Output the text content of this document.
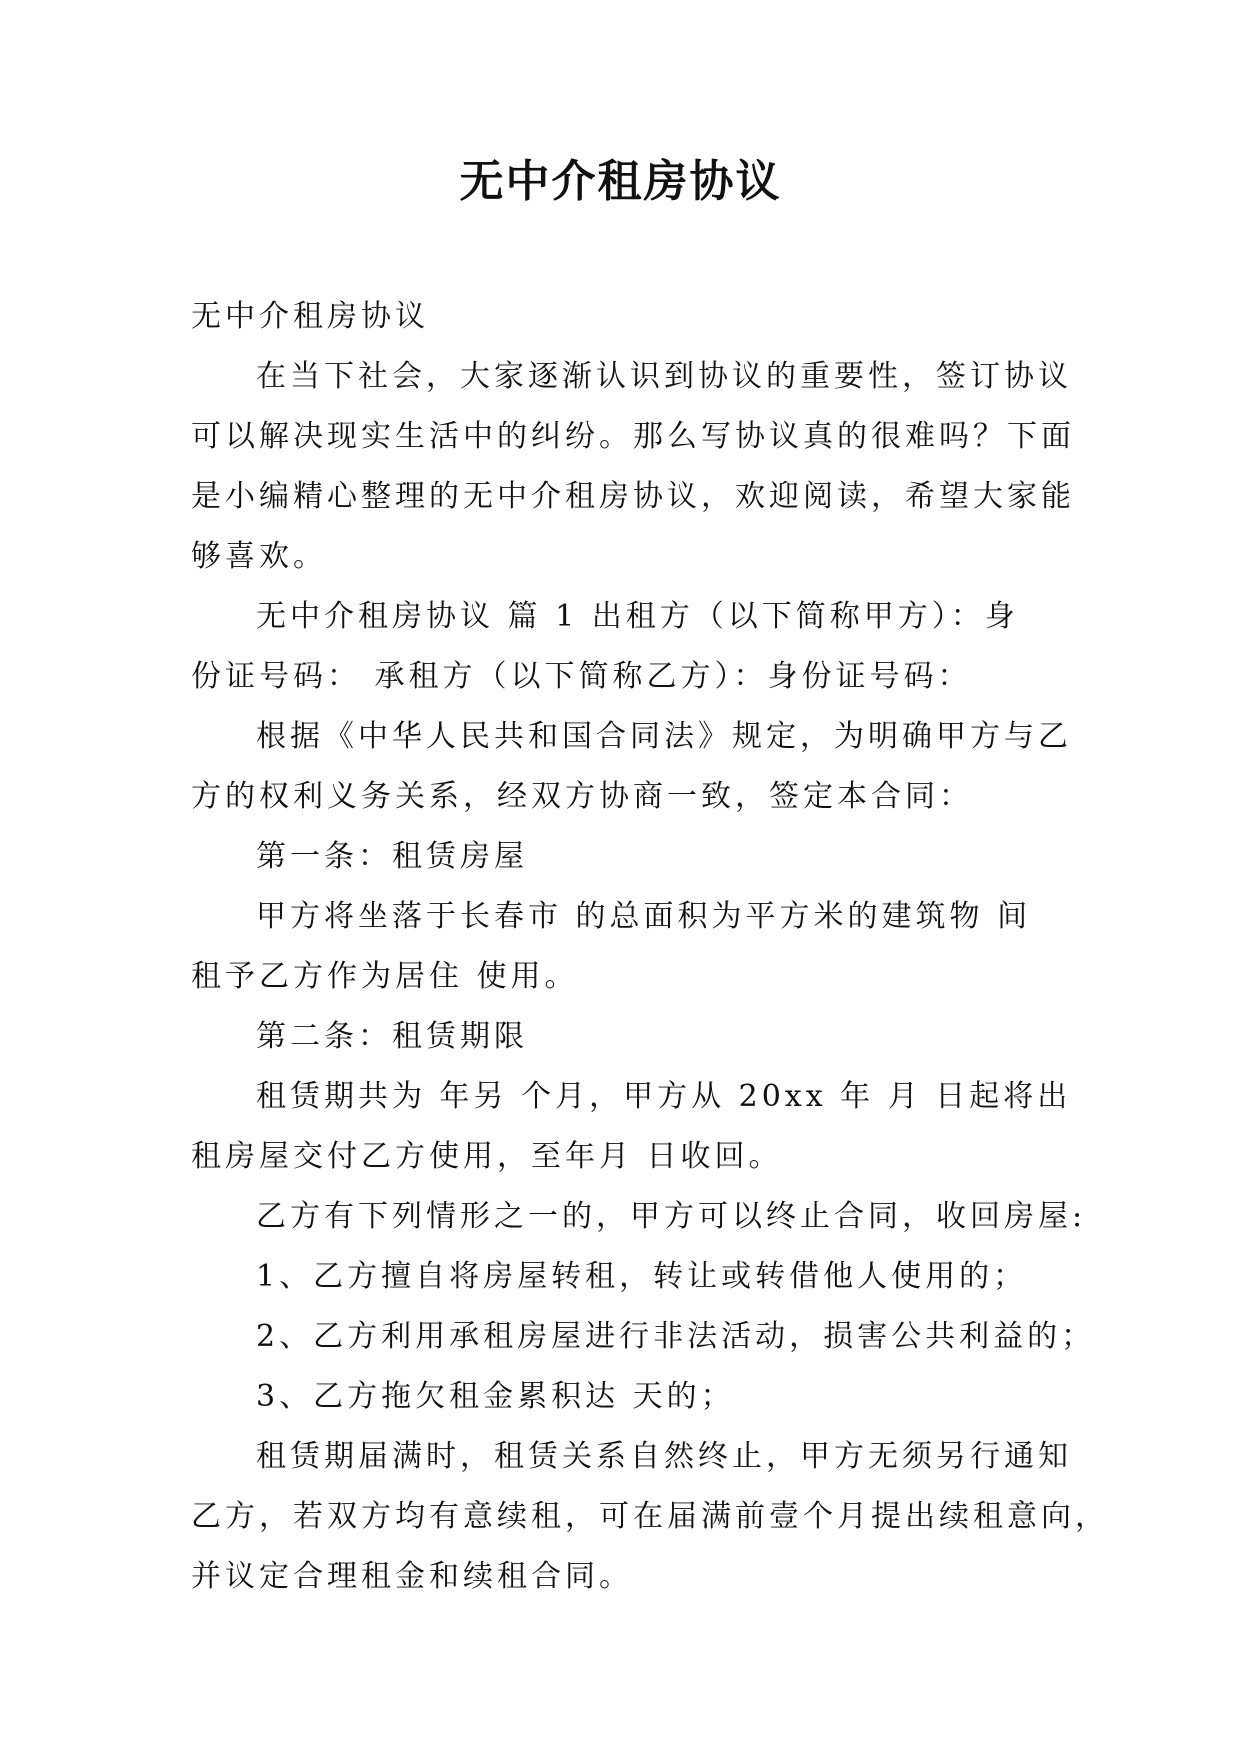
无中介租房协议

无中介租房协议

在当下社会，大家逐渐认识到协议的重要性，签订协议

可以解决现实生活中的纠纷。那么写协议真的很难吗？下面

是小编精心整理的无中介租房协议，欢迎阅读，希望大家能

够喜欢。

无中介租房协议 篇 1 出租方（以下简称甲方）：身

份证号码： 承租方（以下简称乙方）：身份证号码：

根据《中华人民共和国合同法》规定，为明确甲方与乙

方的权利义务关系，经双方协商一致，签定本合同：

第一条：租赁房屋

甲方将坐落于长春市 的总面积为平方米的建筑物 间

租予乙方作为居住 使用。

第二条：租赁期限

租赁期共为 年另 个月，甲方从 20xx 年 月 日起将出

租房屋交付乙方使用，至年月 日收回。

乙方有下列情形之一的，甲方可以终止合同，收回房屋:

1、乙方擅自将房屋转租，转让或转借他人使用的；

2、乙方利用承租房屋进行非法活动，损害公共利益的；

3、乙方拖欠租金累积达 天的；

租赁期届满时，租赁关系自然终止，甲方无须另行通知

乙方，若双方均有意续租，可在届满前壹个月提出续租意向，

并议定合理租金和续租合同。
